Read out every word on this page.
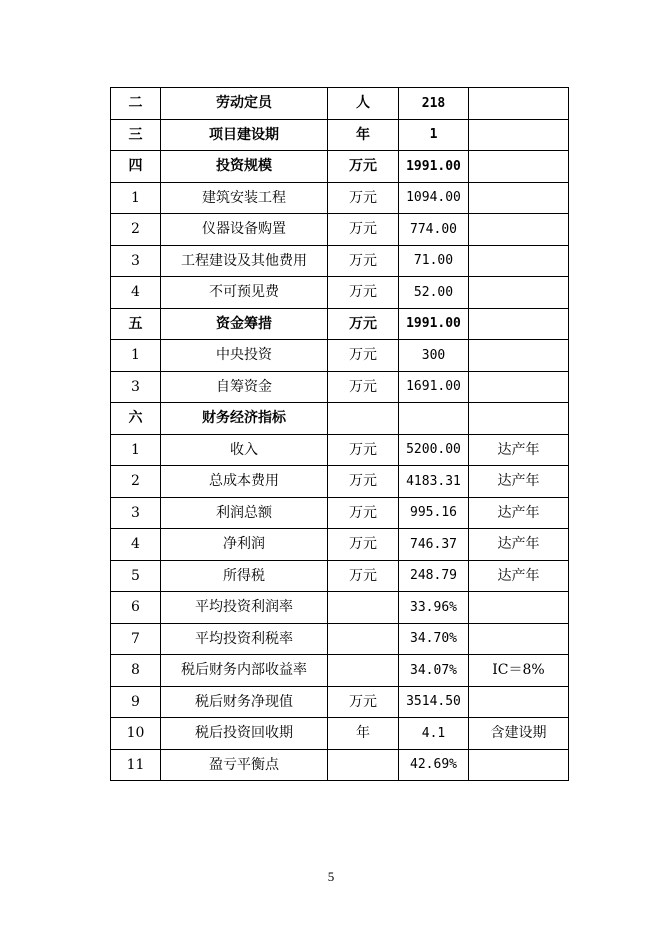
二	劳动定员	人	218	
三	项目建设期	年	1	
四	投资规模	万元	1991.00	
1	建筑安装工程	万元	1094.00	
2	仪器设备购置	万元	774.00	
3	工程建设及其他费用	万元	71.00	
4	不可预见费	万元	52.00	
五	资金筹措	万元	1991.00	
1	中央投资	万元	300	
3	自筹资金	万元	1691.00	
六	财务经济指标			
1	收入	万元	5200.00	达产年
2	总成本费用	万元	4183.31	达产年
3	利润总额	万元	995.16	达产年
4	净利润	万元	746.37	达产年
5	所得税	万元	248.79	达产年
6	平均投资利润率		33.96%	
7	平均投资利税率		34.70%	
8	税后财务内部收益率		34.07%	IC＝8%
9	税后财务净现值	万元	3514.50	
10	税后投资回收期	年	4.1	含建设期
11	盈亏平衡点		42.69%	
5
